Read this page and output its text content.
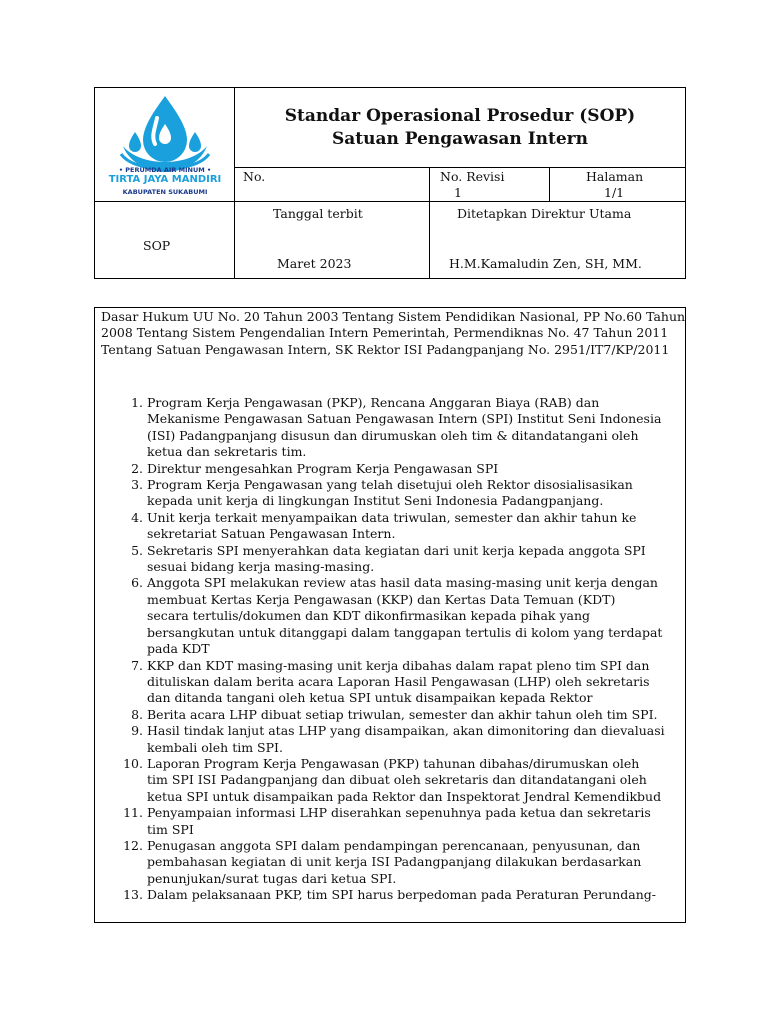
• PERUMDA AIR MINUM •
TIRTA JAYA MANDIRI
KABUPATEN SUKABUMI
Standar Operasional Prosedur (SOP) Satuan Pengawasan Intern
No.	No. Revisi
1
Halaman
1/1
SOP
Tanggal terbit
Maret 2023
Ditetapkan Direktur Utama
H.M.Kamaludin Zen, SH, MM.
Dasar Hukum UU No. 20 Tahun 2003 Tentang Sistem Pendidikan Nasional, PP No.60 Tahun 2008 Tentang Sistem Pengendalian Intern Pemerintah, Permendiknas No. 47 Tahun 2011 Tentang Satuan Pengawasan Intern, SK Rektor ISI Padangpanjang No. 2951/IT7/KP/2011
1. Program Kerja Pengawasan (PKP), Rencana Anggaran Biaya (RAB) dan
Mekanisme Pengawasan Satuan Pengawasan Intern (SPI) Institut Seni Indonesia
(ISI) Padangpanjang disusun dan dirumuskan oleh tim & ditandatangani oleh
ketua dan sekretaris tim.
2. Direktur mengesahkan Program Kerja Pengawasan SPI
3. Program Kerja Pengawasan yang telah disetujui oleh Rektor disosialisasikan
kepada unit kerja di lingkungan Institut Seni Indonesia Padangpanjang.
4. Unit kerja terkait menyampaikan data triwulan, semester dan akhir tahun ke
sekretariat Satuan Pengawasan Intern.
5. Sekretaris SPI menyerahkan data kegiatan dari unit kerja kepada anggota SPI
sesuai bidang kerja masing-masing.
6. Anggota SPI melakukan review atas hasil data masing-masing unit kerja dengan
membuat Kertas Kerja Pengawasan (KKP) dan Kertas Data Temuan (KDT)
secara tertulis/dokumen dan KDT dikonfirmasikan kepada pihak yang
bersangkutan untuk ditanggapi dalam tanggapan tertulis di kolom yang terdapat
pada KDT
7. KKP dan KDT masing-masing unit kerja dibahas dalam rapat pleno tim SPI dan
dituliskan dalam berita acara Laporan Hasil Pengawasan (LHP) oleh sekretaris
dan ditanda tangani oleh ketua SPI untuk disampaikan kepada Rektor
8. Berita acara LHP dibuat setiap triwulan, semester dan akhir tahun oleh tim SPI.
9. Hasil tindak lanjut atas LHP yang disampaikan, akan dimonitoring dan dievaluasi
kembali oleh tim SPI.
10. Laporan Program Kerja Pengawasan (PKP) tahunan dibahas/dirumuskan oleh
tim SPI ISI Padangpanjang dan dibuat oleh sekretaris dan ditandatangani oleh
ketua SPI untuk disampaikan pada Rektor dan Inspektorat Jendral Kemendikbud
11. Penyampaian informasi LHP diserahkan sepenuhnya pada ketua dan sekretaris
tim SPI
12. Penugasan anggota SPI dalam pendampingan perencanaan, penyusunan, dan
pembahasan kegiatan di unit kerja ISI Padangpanjang dilakukan berdasarkan
penunjukan/surat tugas dari ketua SPI.
13. Dalam pelaksanaan PKP, tim SPI harus berpedoman pada Peraturan Perundang-
